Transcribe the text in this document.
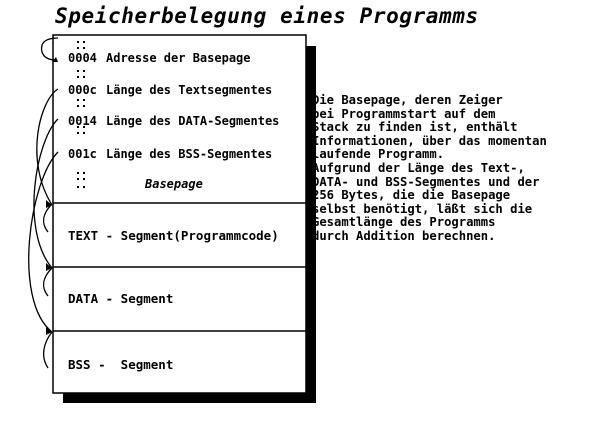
Speicherbelegung eines Programms
0004 Adresse der Basepage
000c Länge des Textsegmentes
0014 Länge des DATA-Segmentes
001c Länge des BSS-Segmentes
Basepage
TEXT - Segment(Programmcode)
DATA - Segment
BSS -  Segment
Die Basepage, deren Zeiger
bei Programmstart auf dem
Stack zu finden ist, enthält
Informationen, über das momentan
laufende Programm.
Aufgrund der Länge des Text-,
DATA- und BSS-Segmentes und der
256 Bytes, die die Basepage
selbst benötigt, läßt sich die
Gesamtlänge des Programms
durch Addition berechnen.
